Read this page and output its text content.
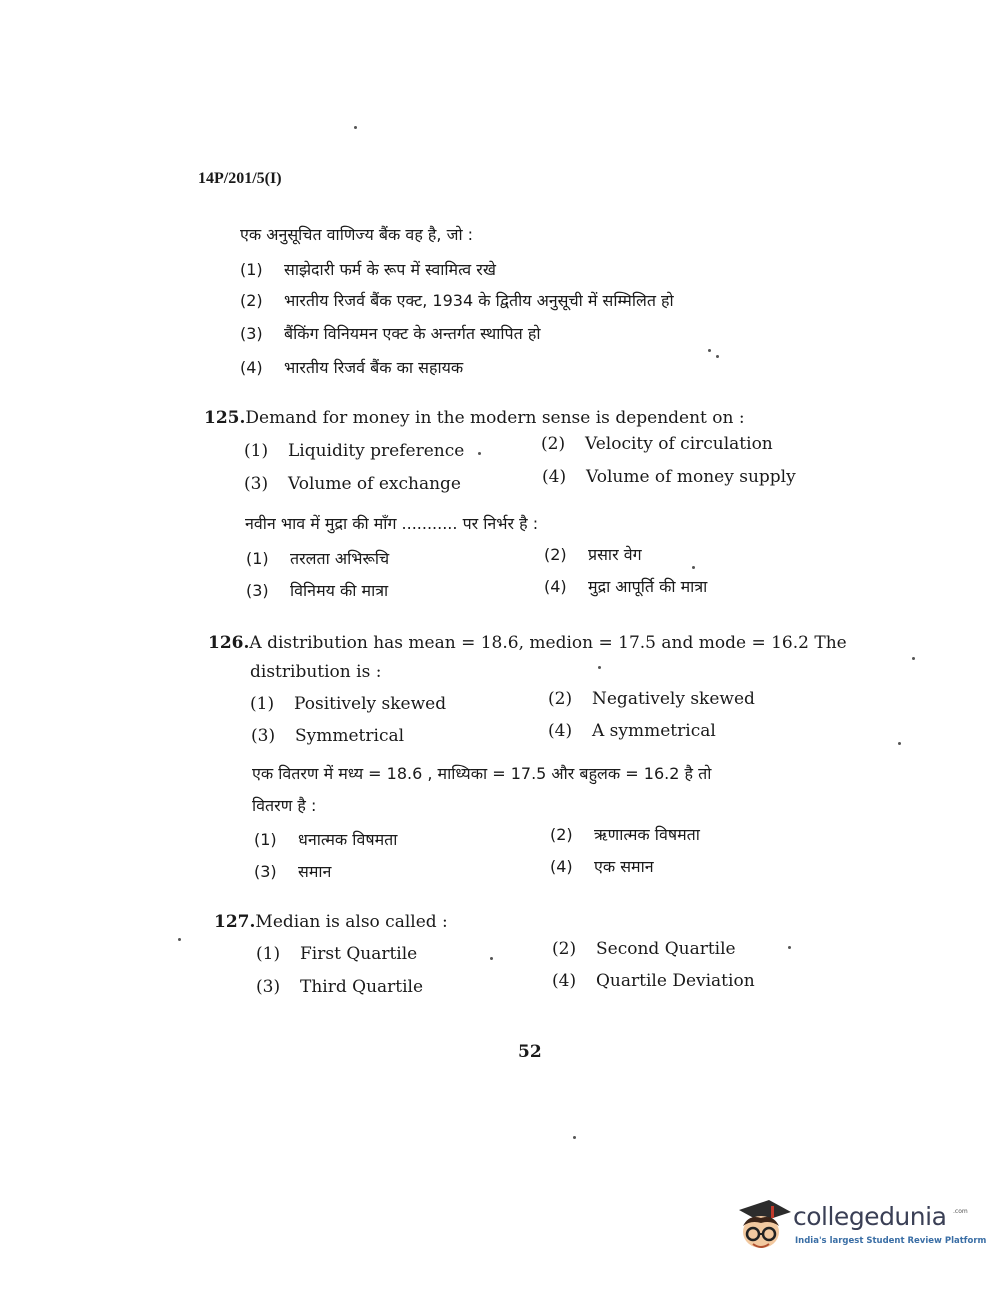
14P/201/5(I)
एक अनुसूचित वाणिज्य बैंक वह है, जो :
(1) साझेदारी फर्म के रूप में स्वामित्व रखे
(2) भारतीय रिजर्व बैंक एक्ट, 1934 के द्वितीय अनुसूची में सम्मिलित हो
(3) बैंकिंग विनियमन एक्ट के अन्तर्गत स्थापित हो
(4) भारतीय रिजर्व बैंक का सहायक
125.Demand for money in the modern sense is dependent on :
(1) Liquidity preference	(2) Velocity of circulation
(3) Volume of exchange	(4) Volume of money supply
नवीन भाव में मुद्रा की माँग ........... पर निर्भर है :
(1) तरलता अभिरूचि	(2) प्रसार वेग
(3) विनिमय की मात्रा	(4) मुद्रा आपूर्ति की मात्रा
126.A distribution has mean = 18.6, medion = 17.5 and mode = 16.2 The
distribution is :
(1) Positively skewed	(2) Negatively skewed
(3) Symmetrical	(4) A symmetrical
एक वितरण में मध्य = 18.6 , माध्यिका = 17.5 और बहुलक = 16.2 है तो
वितरण है :
(1) धनात्मक विषमता	(2) ऋणात्मक विषमता
(3) समान	(4) एक समान
127.Median is also called :
(1) First Quartile	(2) Second Quartile
(3) Third Quartile	(4) Quartile Deviation
52
collegedunia .com
India's largest Student Review Platform
